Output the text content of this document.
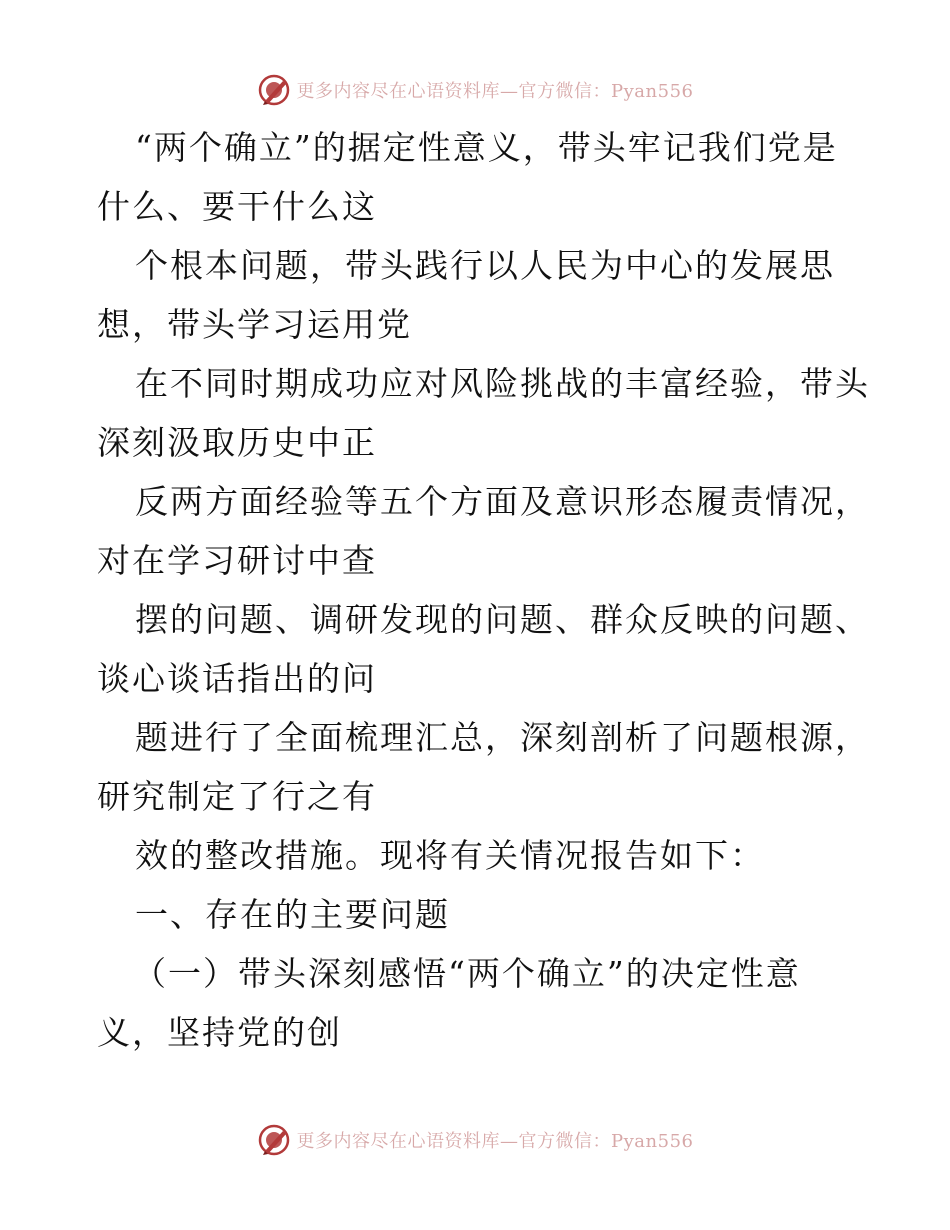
更多内容尽在心语资料库—官方微信：Pyan556
“两个确立”的据定性意义，带头牢记我们党是
什么、要干什么这
个根本问题，带头践行以人民为中心的发展思
想，带头学习运用党
在不同时期成功应对风险挑战的丰富经验，带头
深刻汲取历史中正
反两方面经验等五个方面及意识形态履责情况，
对在学习研讨中查
摆的问题、调研发现的问题、群众反映的问题、
谈心谈话指出的问
题进行了全面梳理汇总，深刻剖析了问题根源，
研究制定了行之有
效的整改措施。现将有关情况报告如下：
一、存在的主要问题
（一）带头深刻感悟“两个确立”的决定性意
义，坚持党的创
更多内容尽在心语资料库—官方微信：Pyan556
